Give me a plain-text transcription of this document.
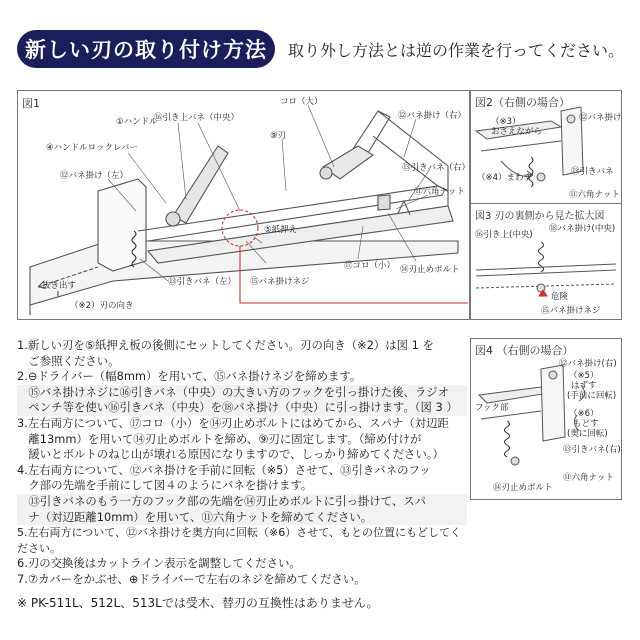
新しい刃の取り付け方法	取り外し方法とは逆の作業を行ってください。
図1
⑯引き上バネ（中央）
コロ（大）
①ハンドル
⑨刃
⑫バネ掛け（右）
④ハンドルロックレバー
⑬引きバネ（右）
⑫バネ掛け（左）
⑪六角ナット
⑤紙押え
⑰コロ（小） ⑭刃止めボルト
⑬引きバネ（左） ⑮バネ掛けネジ
抜き出す
（※2）刃の向き
図2（右側の場合）
⑫バネ掛け
（※3）
おさえながら
（※4）まわす
⑬引きバネ
⑪六角ナット
図3 刃の裏側から見た拡大図
⑯引き上(中央)
⑱バネ掛け(中央)
危険
⑮バネ掛けネジ
図4 （右側の場合）
⑫バネ掛け(右)
（※5）
はずす
(手前に回転)
フック部
（※6）
もどす
(奥に回転)
⑬引きバネ(右)
⑪六角ナット
⑭刃止めボルト

1.新しい刃を⑤紙押え板の後側にセットしてください。刃の向き（※2）は図 1 を

　ご参照ください。

2.⊖ドライバー（幅8mm）を用いて、⑮バネ掛けネジを締めます。

　⑮バネ掛けネジに⑯引きバネ（中央）の大きい方のフックを引っ掛けた後、ラジオ

　ペンチ等を使い⑯引きバネ（中央）を⑱バネ掛け（中央）に引っ掛けます。（図 3 ）

3.左右両方について、⑰コロ（小）を⑭刃止めボルトにはめてから、スパナ（対辺距

　離13mm）を用いて⑭刃止めボルトを締め、⑨刃に固定します。（締め付けが

　緩いとボルトのねじ山が壊れる原因になりますので、しっかり締めてください。）

4.左右両方について、⑫バネ掛けを手前に回転（※5）させて、⑬引きバネのフッ

　ク部の先端を手前にして図４のようにバネを掛けます。

　⑬引きバネのもう一方のフック部の先端を⑭刃止めボルトに引っ掛けて、スパ

　ナ（対辺距離10mm）を用いて、⑪六角ナットを締めてください。

5.左右両方について、⑫バネ掛けを奥方向に回転（※6）させて、もとの位置にもどしてください。

6.刃の交換後はカットライン表示を調整してください。

7.⑦カバーをかぶせ、⊕ドライバーで左右のネジを締めてください。

※ PK-511L、512L、513Lでは受木、替刃の互換性はありません。
